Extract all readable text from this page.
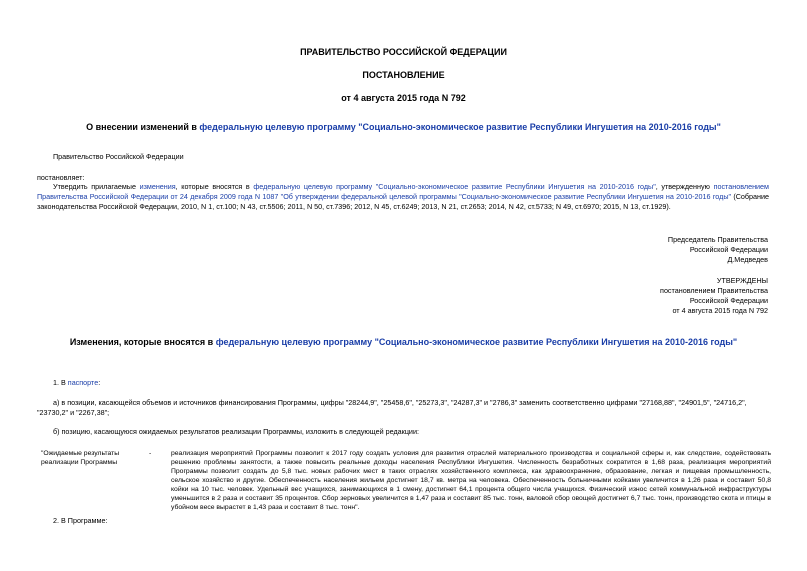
ПРАВИТЕЛЬСТВО РОССИЙСКОЙ ФЕДЕРАЦИИ
ПОСТАНОВЛЕНИЕ
от 4 августа 2015 года N 792
О внесении изменений в федеральную целевую программу "Социально-экономическое развитие Республики Ингушетия на 2010-2016 годы"
Правительство Российской Федерации
постановляет:
Утвердить прилагаемые изменения, которые вносятся в федеральную целевую программу "Социально-экономическое развитие Республики Ингушетия на 2010-2016 годы", утвержденную постановлением Правительства Российской Федерации от 24 декабря 2009 года N 1087 "Об утверждении федеральной целевой программы "Социально-экономическое развитие Республики Ингушетия на 2010-2016 годы" (Собрание законодательства Российской Федерации, 2010, N 1, ст.100; N 43, ст.5506; 2011, N 50, ст.7396; 2012, N 45, ст.6249; 2013, N 21, ст.2653; 2014, N 42, ст.5733; N 49, ст.6970; 2015, N 13, ст.1929).
Председатель Правительства
Российской Федерации
Д.Медведев
УТВЕРЖДЕНЫ
постановлением Правительства
Российской Федерации
от 4 августа 2015 года N 792
Изменения, которые вносятся в федеральную целевую программу "Социально-экономическое развитие Республики Ингушетия на 2010-2016 годы"
1. В паспорте:
а) в позиции, касающейся объемов и источников финансирования Программы, цифры "28244,9", "25458,6", "25273,3", "24287,3" и "2786,3" заменить соответственно цифрами "27168,88", "24901,5", "24716,2", "23730,2" и "2267,38";
б) позицию, касающуюся ожидаемых результатов реализации Программы, изложить в следующей редакции:
"Ожидаемые результаты реализации Программы
-	реализация мероприятий Программы позволит к 2017 году создать условия для развития отраслей материального производства и социальной сферы и, как следствие, содействовать решению проблемы занятости, а также повысить реальные доходы населения Республики Ингушетия. Численность безработных сократится в 1,68 раза, реализация мероприятий Программы позволит создать до 5,8 тыс. новых рабочих мест в таких отраслях хозяйственного комплекса, как здравоохранение, образование, легкая и пищевая промышленность, сельское хозяйство и другие. Обеспеченность населения жильем достигнет 18,7 кв. метра на человека. Обеспеченность больничными койками увеличится в 1,26 раза и составит 50,8 койки на 10 тыс. человек. Удельный вес учащихся, занимающихся в 1 смену, достигнет 64,1 процента общего числа учащихся. Физический износ сетей коммунальной инфраструктуры уменьшится в 2 раза и составит 35 процентов. Сбор зерновых увеличится в 1,47 раза и составит 85 тыс. тонн, валовой сбор овощей достигнет 6,7 тыс. тонн, производство скота и птицы в убойном весе вырастет в 1,43 раза и составит 8 тыс. тонн".
2. В Программе:
